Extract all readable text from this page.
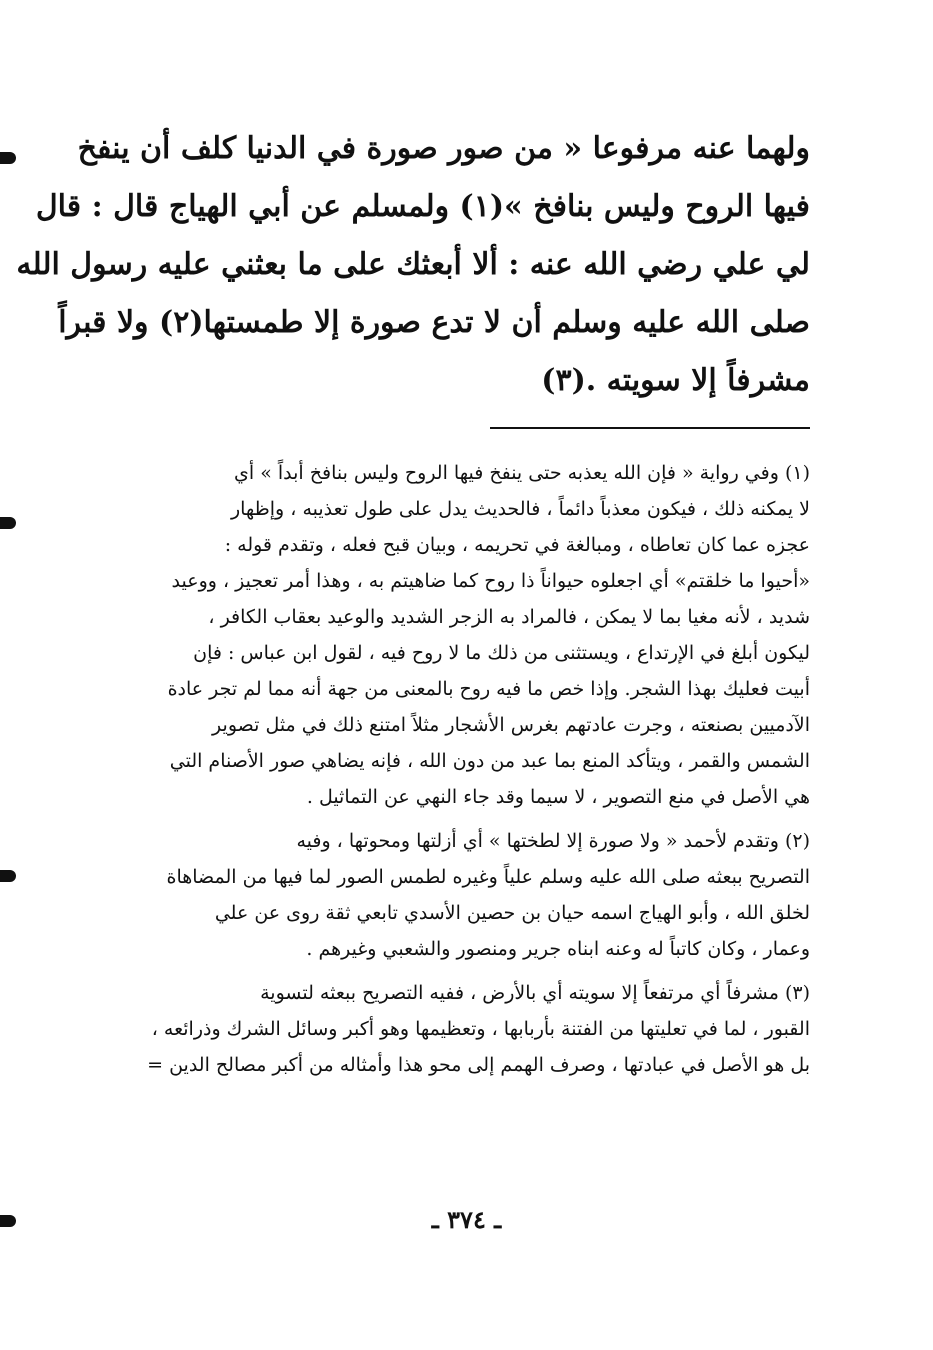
ولهما عنه مرفوعا « من صور صورة في الدنيا كلف أن ينفخ
فيها الروح وليس بنافخ »(١) ولمسلم عن أبي الهياج قال : قال
لي علي رضي الله عنه : ألا أبعثك على ما بعثني عليه رسول الله
صلى الله عليه وسلم أن لا تدع صورة إلا طمستها(٢) ولا قبراً
مشرفاً إلا سويته .(٣)
(١) وفي رواية « فإن الله يعذبه حتى ينفخ فيها الروح وليس بنافخ أبداً » أي
لا يمكنه ذلك ، فيكون معذباً دائماً ، فالحديث يدل على طول تعذيبه ، وإظهار
عجزه عما كان تعاطاه ، ومبالغة في تحريمه ، وبيان قبح فعله ، وتقدم قوله :
«أحيوا ما خلقتم» أي اجعلوه حيواناً ذا روح كما ضاهيتم به ، وهذا أمر تعجيز ، ووعيد
شديد ، لأنه مغيا بما لا يمكن ، فالمراد به الزجر الشديد والوعيد بعقاب الكافر ،
ليكون أبلغ في الإرتداع ، ويستثنى من ذلك ما لا روح فيه ، لقول ابن عباس : فإن
أبيت فعليك بهذا الشجر. وإذا خص ما فيه روح بالمعنى من جهة أنه مما لم تجر عادة
الآدميين بصنعته ، وجرت عادتهم بغرس الأشجار مثلاً امتنع ذلك في مثل تصوير
الشمس والقمر ، ويتأكد المنع بما عبد من دون الله ، فإنه يضاهي صور الأصنام التي
هي الأصل في منع التصوير ، لا سيما وقد جاء النهي عن التماثيل .
(٢) وتقدم لأحمد « ولا صورة إلا لطختها » أي أزلتها ومحوتها ، وفيه
التصريح ببعثه صلى الله عليه وسلم علياً وغيره لطمس الصور لما فيها من المضاهاة
لخلق الله ، وأبو الهياج اسمه حيان بن حصين الأسدي تابعي ثقة روى عن علي
وعمار ، وكان كاتباً له وعنه ابناه جرير ومنصور والشعبي وغيرهم .
(٣) مشرفاً أي مرتفعاً إلا سويته أي بالأرض ، ففيه التصريح ببعثه لتسوية
القبور ، لما في تعليتها من الفتنة بأربابها ، وتعظيمها وهو أكبر وسائل الشرك وذرائعه ،
بل هو الأصل في عبادتها ، وصرف الهمم إلى محو هذا وأمثاله من أكبر مصالح الدين =
ـ ٣٧٤ ـ
